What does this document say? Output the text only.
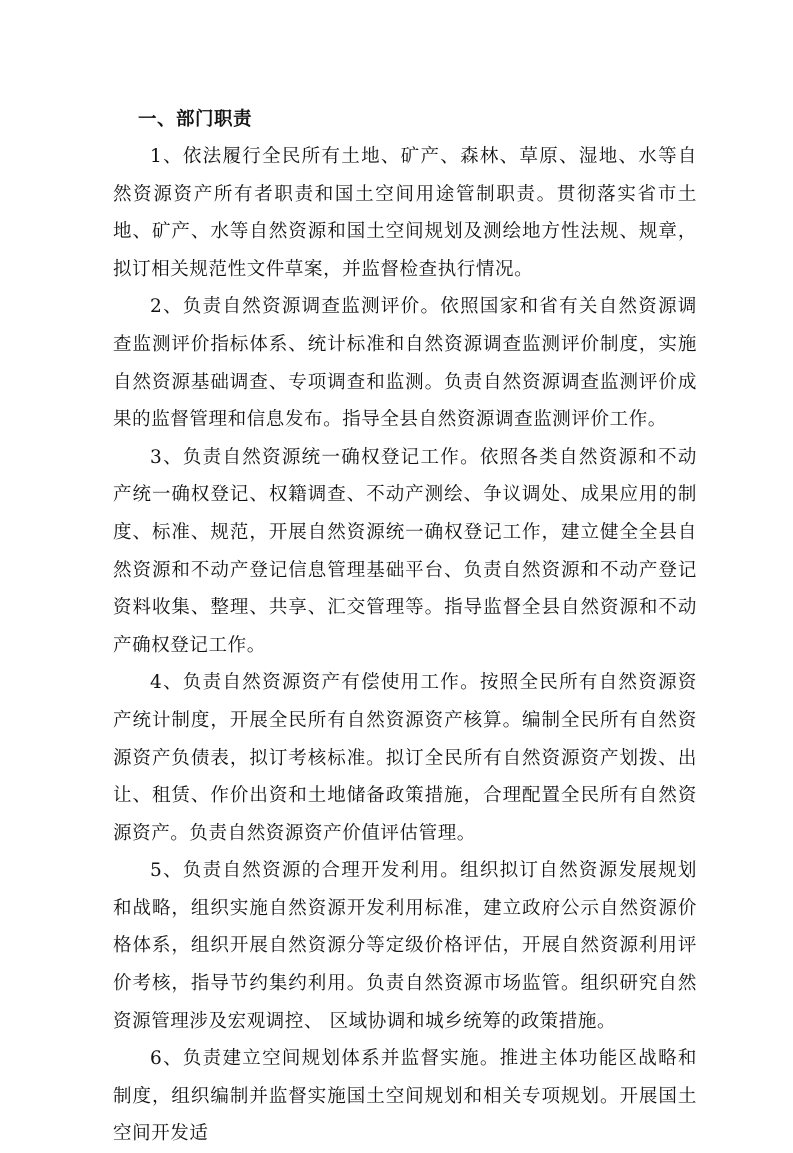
一、部门职责

1、依法履行全民所有土地、矿产、森林、草原、湿地、水等自然资源资产所有者职责和国土空间用途管制职责。贯彻落实省市土地、矿产、水等自然资源和国土空间规划及测绘地方性法规、规章，拟订相关规范性文件草案，并监督检查执行情况。

2、负责自然资源调查监测评价。依照国家和省有关自然资源调查监测评价指标体系、统计标准和自然资源调查监测评价制度，实施自然资源基础调查、专项调查和监测。负责自然资源调查监测评价成果的监督管理和信息发布。指导全县自然资源调查监测评价工作。

3、负责自然资源统一确权登记工作。依照各类自然资源和不动产统一确权登记、权籍调查、不动产测绘、争议调处、成果应用的制度、标准、规范，开展自然资源统一确权登记工作，建立健全全县自然资源和不动产登记信息管理基础平台、负责自然资源和不动产登记资料收集、整理、共享、汇交管理等。指导监督全县自然资源和不动产确权登记工作。

4、负责自然资源资产有偿使用工作。按照全民所有自然资源资产统计制度，开展全民所有自然资源资产核算。编制全民所有自然资源资产负债表，拟订考核标准。拟订全民所有自然资源资产划拨、出让、租赁、作价出资和土地储备政策措施，合理配置全民所有自然资源资产。负责自然资源资产价值评估管理。

5、负责自然资源的合理开发利用。组织拟订自然资源发展规划和战略，组织实施自然资源开发利用标准，建立政府公示自然资源价格体系，组织开展自然资源分等定级价格评估，开展自然资源利用评价考核，指导节约集约利用。负责自然资源市场监管。组织研究自然资源管理涉及宏观调控、 区域协调和城乡统筹的政策措施。

6、负责建立空间规划体系并监督实施。推进主体功能区战略和制度，组织编制并监督实施国土空间规划和相关专项规划。开展国土空间开发适
